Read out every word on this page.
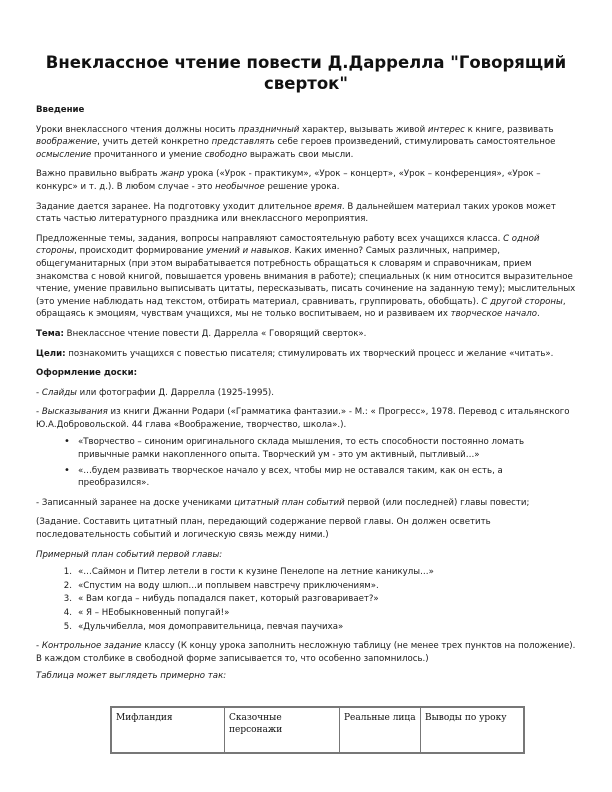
Внеклассное чтение повести Д.Даррелла "Говорящий сверток"

Введение

Уроки внеклассного чтения должны носить праздничный характер, вызывать живой интерес к книге, развивать воображение, учить детей конкретно представлять себе героев произведений, стимулировать самостоятельное осмысление прочитанного и умение свободно выражать свои мысли.

Важно правильно выбрать жанр урока («Урок - практикум», «Урок – концерт», «Урок – конференция», «Урок – конкурс» и т. д.). В любом случае - это необычное решение урока.

Задание дается заранее. На подготовку уходит длительное время. В дальнейшем материал таких уроков может стать частью литературного праздника или внеклассного мероприятия.

Предложенные темы, задания, вопросы направляют самостоятельную работу всех учащихся класса. С одной стороны, происходит формирование умений и навыков. Каких именно? Самых различных, например, общегуманитарных (при этом вырабатывается потребность обращаться к словарям и справочникам, прием знакомства с новой книгой, повышается уровень внимания в работе); специальных (к ним относится выразительное чтение, умение правильно выписывать цитаты, пересказывать, писать сочинение на заданную тему); мыслительных (это умение наблюдать над текстом, отбирать материал, сравнивать, группировать, обобщать). С другой стороны, обращаясь к эмоциям, чувствам учащихся, мы не только воспитываем, но и развиваем их творческое начало.

Тема: Внеклассное чтение повести Д. Даррелла « Говорящий сверток».

Цели: познакомить учащихся с повестью писателя; стимулировать их творческий процесс и желание «читать».

Оформление доски:

- Слайды или фотографии Д. Даррелла (1925-1995).

- Высказывания из книги Джанни Родари («Грамматика фантазии.» - М.: « Прогресс», 1978. Перевод с итальянского Ю.А.Добровольской. 44 глава «Воображение, творчество, школа».).

• «Творчество – синоним оригинального склада мышления, то есть способности постоянно ломать привычные рамки накопленного опыта. Творческий ум - это ум активный, пытливый…»
• «…будем развивать творческое начало у всех, чтобы мир не оставался таким, как он есть, а преобразился».

- Записанный заранее на доске учениками цитатный план событий первой (или последней) главы повести;

(Задание. Составить цитатный план, передающий содержание первой главы. Он должен осветить последовательность событий и логическую связь между ними.)

Примерный план событий первой главы:

1. «…Саймон и Питер летели в гости к кузине Пенелопе на летние каникулы…»
2. «Спустим на воду шлюп…и поплывем навстречу приключениям».
3. « Вам когда – нибудь попадался пакет, который разговаривает?»
4. « Я – НЕобыкновенный попугай!»
5. «Дульчибелла, моя домоправительница, певчая паучиха»

- Контрольное задание классу (К концу урока заполнить несложную таблицу (не менее трех пунктов на положение). В каждом столбике в свободной форме записывается то, что особенно запомнилось.)

Таблица может выглядеть примерно так:

Мифландия	Сказочные персонажи	Реальные лица	Выводы по уроку
